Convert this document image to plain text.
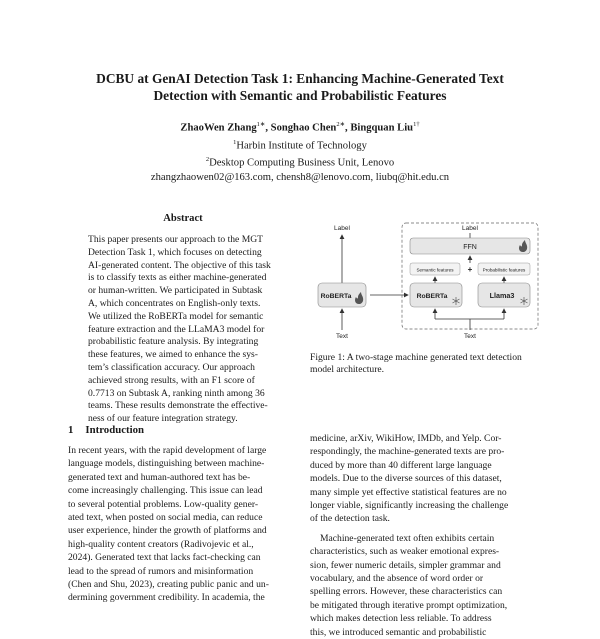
DCBU at GenAI Detection Task 1: Enhancing Machine-Generated Text
Detection with Semantic and Probabilistic Features
ZhaoWen Zhang$^{1∗}$, Songhao Chen$^{2∗}$, Bingquan Liu$^{1\dagger}$
$^1$Harbin Institute of Technology
$^2$Desktop Computing Business Unit, Lenovo
zhangzhaowen02@163.com, chensh8@lenovo.com, liubq@hit.edu.cn
Abstract
This paper presents our approach to the MGT
Detection Task 1, which focuses on detecting
AI-generated content. The objective of this task
is to classify texts as either machine-generated
or human-written. We participated in Subtask
A, which concentrates on English-only texts.
We utilized the RoBERTa model for semantic
feature extraction and the LLaMA3 model for
probabilistic feature analysis. By integrating
these features, we aimed to enhance the sys-
tem’s classification accuracy. Our approach
achieved strong results, with an F1 score of
0.7713 on Subtask A, ranking ninth among 36
teams. These results demonstrate the effective-
ness of our feature integration strategy.
Label
RoBERTa
Text
Label
FFN
Semantic features + Probabilistic features
RoBERTa	Llama3
Text
Figure 1: A two-stage machine generated text detection
model architecture.
1 Introduction
In recent years, with the rapid development of large
language models, distinguishing between machine-
generated text and human-authored text has be-
come increasingly challenging. This issue can lead
to several potential problems. Low-quality gener-
ated text, when posted on social media, can reduce
user experience, hinder the growth of platforms and
high-quality content creators (Radivojevic et al.,
2024). Generated text that lacks fact-checking can
lead to the spread of rumors and misinformation
(Chen and Shu, 2023), creating public panic and un-
dermining government credibility. In academia, the
medicine, arXiv, WikiHow, IMDb, and Yelp. Cor-
respondingly, the machine-generated texts are pro-
duced by more than 40 different large language
models. Due to the diverse sources of this dataset,
many simple yet effective statistical features are no
longer viable, significantly increasing the challenge
of the detection task.
Machine-generated text often exhibits certain
characteristics, such as weaker emotional expres-
sion, fewer numeric details, simpler grammar and
vocabulary, and the absence of word order or
spelling errors. However, these characteristics can
be mitigated through iterative prompt optimization,
which makes detection less reliable. To address
this, we introduced semantic and probabilistic
